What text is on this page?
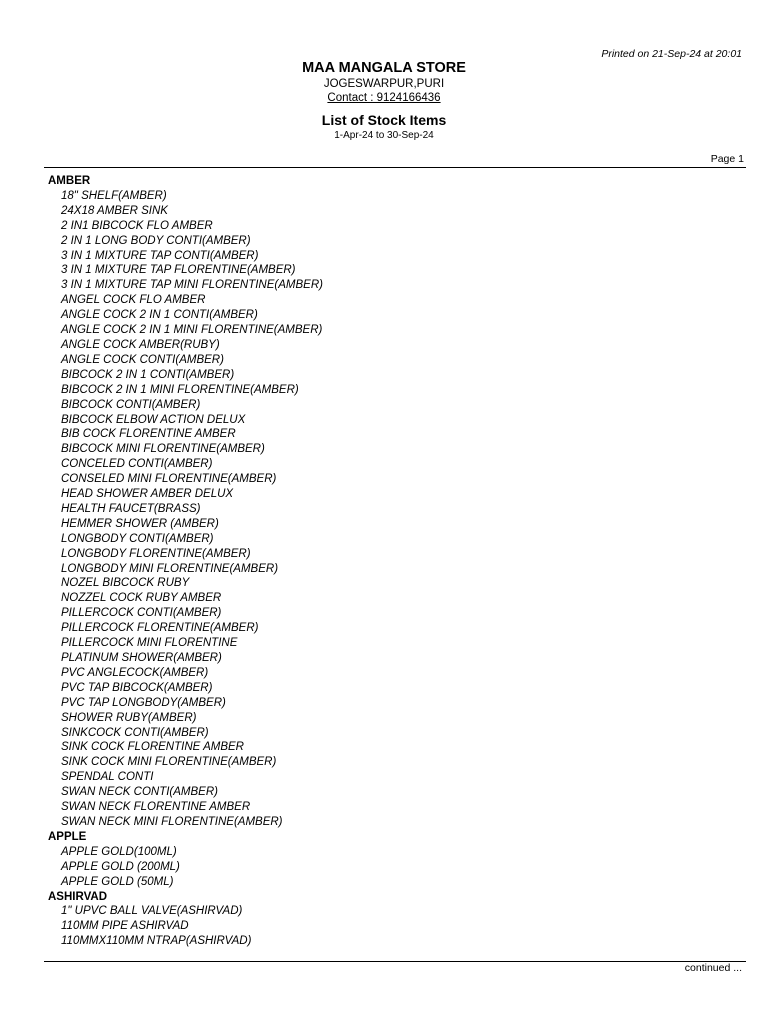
Printed on 21-Sep-24 at 20:01
MAA MANGALA STORE
JOGESWARPUR,PURI
Contact : 9124166436
List of Stock Items
1-Apr-24 to 30-Sep-24
Page 1
AMBER
18" SHELF(AMBER)
24X18 AMBER SINK
2 IN1 BIBCOCK FLO AMBER
2 IN 1 LONG BODY CONTI(AMBER)
3 IN 1 MIXTURE TAP CONTI(AMBER)
3 IN 1 MIXTURE TAP FLORENTINE(AMBER)
3 IN 1 MIXTURE TAP MINI FLORENTINE(AMBER)
ANGEL COCK FLO AMBER
ANGLE COCK 2 IN 1 CONTI(AMBER)
ANGLE COCK 2 IN 1 MINI FLORENTINE(AMBER)
ANGLE COCK AMBER(RUBY)
ANGLE COCK CONTI(AMBER)
BIBCOCK 2 IN 1 CONTI(AMBER)
BIBCOCK 2 IN 1 MINI FLORENTINE(AMBER)
BIBCOCK CONTI(AMBER)
BIBCOCK ELBOW ACTION DELUX
BIB COCK FLORENTINE AMBER
BIBCOCK MINI FLORENTINE(AMBER)
CONCELED CONTI(AMBER)
CONSELED MINI FLORENTINE(AMBER)
HEAD SHOWER AMBER DELUX
HEALTH FAUCET(BRASS)
HEMMER SHOWER (AMBER)
LONGBODY CONTI(AMBER)
LONGBODY FLORENTINE(AMBER)
LONGBODY MINI FLORENTINE(AMBER)
NOZEL BIBCOCK RUBY
NOZZEL COCK RUBY AMBER
PILLERCOCK CONTI(AMBER)
PILLERCOCK FLORENTINE(AMBER)
PILLERCOCK MINI FLORENTINE
PLATINUM SHOWER(AMBER)
PVC ANGLECOCK(AMBER)
PVC TAP BIBCOCK(AMBER)
PVC TAP LONGBODY(AMBER)
SHOWER RUBY(AMBER)
SINKCOCK CONTI(AMBER)
SINK COCK FLORENTINE AMBER
SINK COCK MINI FLORENTINE(AMBER)
SPENDAL CONTI
SWAN NECK CONTI(AMBER)
SWAN NECK FLORENTINE AMBER
SWAN NECK MINI FLORENTINE(AMBER)
APPLE
APPLE GOLD(100ML)
APPLE GOLD (200ML)
APPLE GOLD (50ML)
ASHIRVAD
1" UPVC BALL VALVE(ASHIRVAD)
110MM PIPE ASHIRVAD
110MMX110MM NTRAP(ASHIRVAD)
continued ...
